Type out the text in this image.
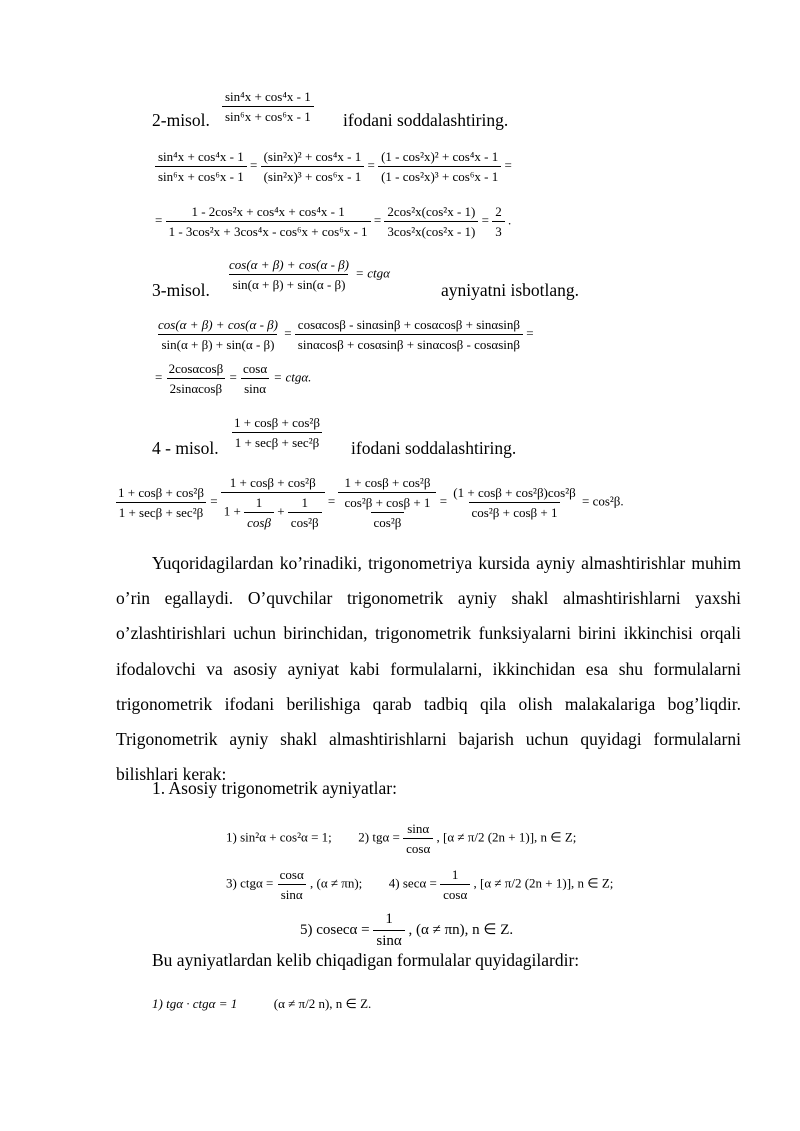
$\frac{\text{sin⁴x + cos⁴x - 1}}{\text{sin⁶x + cos⁶x - 1}}$
2-misol.	ifodani soddalashtiring.
$\frac{\text{sin⁴x + cos⁴x - 1}}{\text{sin⁶x + cos⁶x - 1}} = \frac{\text{(sin²x)² + cos⁴x - 1}}{\text{(sin²x)³ + cos⁶x - 1}} = \frac{\text{(1 - cos²x)² + cos⁴x - 1}}{\text{(1 - cos²x)³ + cos⁶x - 1}}$ =
= $\frac{\text{1 - 2cos²x + cos⁴x + cos⁴x - 1}}{\text{1 - 3cos²x + 3cos⁴x - cos⁶x + cos⁶x - 1}} = \frac{\text{2cos²x(cos²x - 1)}}{\text{3cos²x(cos²x - 1)}} = \frac{2}{3}$ .
$\frac{\cos(\alpha + \beta) + \cos(\alpha - \beta)}{\sin(\alpha + \beta) + \sin(\alpha - \beta)} = ctg\alpha$
3-misol.	ayniyatni isbotlang.
$\frac{\cos(\alpha + \beta) + \cos(\alpha - \beta)}{\sin(\alpha + \beta) + \sin(\alpha - \beta)} = \frac{\cos\alpha\cos\beta - \sin\alpha\sin\beta + \cos\alpha\cos\beta + \sin\alpha\sin\beta}{\sin\alpha\cos\beta + \cos\alpha\sin\beta + \sin\alpha\cos\beta - \cos\alpha\sin\beta}$ =
= $\frac{2\cos\alpha\cos\beta}{2\sin\alpha\cos\beta} = \frac{\cos\alpha}{\sin\alpha} = ctg\alpha$.
$\frac{\text{1 + cosβ + cos²β}}{\text{1 + secβ + sec²β}}$
4 - misol.	ifodani soddalashtiring.
$\frac{\text{1 + cosβ + cos²β}}{\text{1 + secβ + sec²β}} = \frac{\text{1 + cosβ + cos²β}}{1 + \frac{1}{\cos\beta} + \frac{1}{\text{cos²β}}} = \frac{\text{1 + cosβ + cos²β}}{\frac{\text{cos²β + cosβ + 1}}{\text{cos²β}}} = \frac{\text{(1 + cosβ + cos²β)cos²β}}{\text{cos²β + cosβ + 1}} = \cos^2\beta$.
Yuqoridagilardan ko’rinadiki, trigonometriya kursida ayniy almashtirishlar muhim o’rin egallaydi. O’quvchilar trigonometrik ayniy shakl almashtirishlarni yaxshi o’zlashtirishlari uchun birinchidan, trigonometrik funksiyalarni birini ikkinchisi orqali ifodalovchi va asosiy ayniyat kabi formulalarni, ikkinchidan esa shu formulalarni trigonometrik ifodani berilishiga qarab tadbiq qila olish malakalariga bog’liqdir. Trigonometrik ayniy shakl almashtirishlarni bajarish uchun quyidagi formulalarni bilishlari kerak:
1. Asosiy trigonometrik ayniyatlar:
1) sin²α + cos²α = 1; 2) $tg\alpha = \frac{\sin\alpha}{\cos\alpha}$ , [α ≠ π/2 (2n + 1)], n ∈ Z;
3) $ctg\alpha = \frac{\cos\alpha}{\sin\alpha}$ , (α ≠ πn); 4) $\sec\alpha = \frac{1}{\cos\alpha}$ , [α ≠ π/2 (2n + 1)], n ∈ Z;
5) $cosec\alpha = \frac{1}{\sin\alpha}$ , (α ≠ πn), n ∈ Z.
Bu ayniyatlardan kelib chiqadigan formulalar quyidagilardir:
1) tgα · ctgα = 1	(α ≠ π/2 n), n ∈ Z.
